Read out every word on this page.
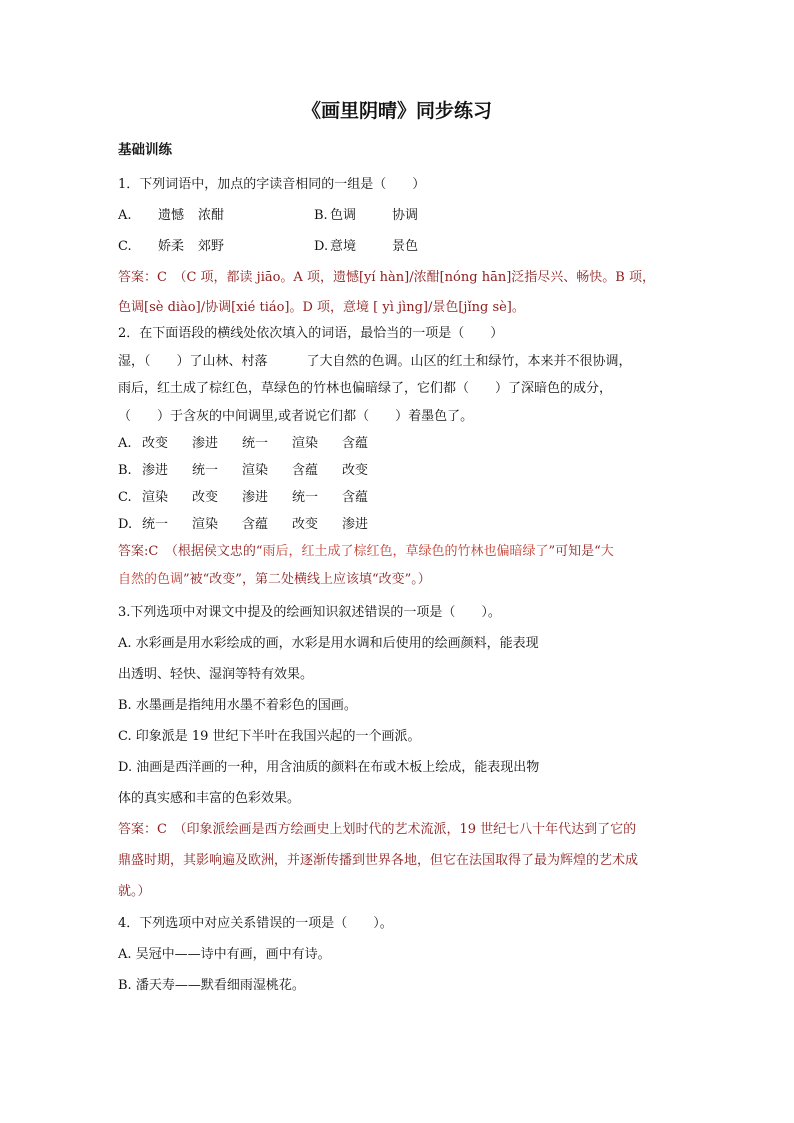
《画里阴晴》同步练习
基础训练
1．下列词语中，加点的字读音相同的一组是（　　）
A. 遗憾 浓酣	B. 色调	协调
C. 娇柔 郊野	D. 意境	景色
答案：C　（C 项，都读 jiāo。A 项，遗憾[yí hàn]/浓酣[nóng hān]泛指尽兴、畅快。B 项，
色调[sè diào]/协调[xié tiáo]。D 项，意境 [ yì jìng]/景色[jǐng sè]。
2．在下面语段的横线处依次填入的词语，最恰当的一项是（　　）
湿，（　　）了山林、村落　　　了大自然的色调。山区的红土和绿竹，本来并不很协调，
雨后，红土成了棕红色，草绿色的竹林也偏暗绿了，它们都（　　）了深暗色的成分，
（　　）于含灰的中间调里,或者说它们都（　　）着墨色了。
A. 改变 渗进 统一 渲染 含蕴
B. 渗进 统一 渲染 含蕴 改变
C. 渲染 改变 渗进 统一 含蕴
D. 统一 渲染 含蕴 改变 渗进
答案:C　（根据侯文忠的“雨后，红土成了棕红色，草绿色的竹林也偏暗绿了”可知是“大
自然的色调”被“改变”，第二处横线上应该填“改变”。）
3.下列选项中对课文中提及的绘画知识叙述错误的一项是（　　）。
A. 水彩画是用水彩绘成的画，水彩是用水调和后使用的绘画颜料，能表现
出透明、轻快、湿润等特有效果。
B. 水墨画是指纯用水墨不着彩色的国画。
C. 印象派是 19 世纪下半叶在我国兴起的一个画派。
D. 油画是西洋画的一种，用含油质的颜料在布或木板上绘成，能表现出物
体的真实感和丰富的色彩效果。
答案：C　（印象派绘画是西方绘画史上划时代的艺术流派，19 世纪七八十年代达到了它的
鼎盛时期，其影响遍及欧洲，并逐渐传播到世界各地，但它在法国取得了最为辉煌的艺术成
就。）
4．下列选项中对应关系错误的一项是（　　）。
A. 吴冠中——诗中有画，画中有诗。
B. 潘天寿——默看细雨湿桃花。
